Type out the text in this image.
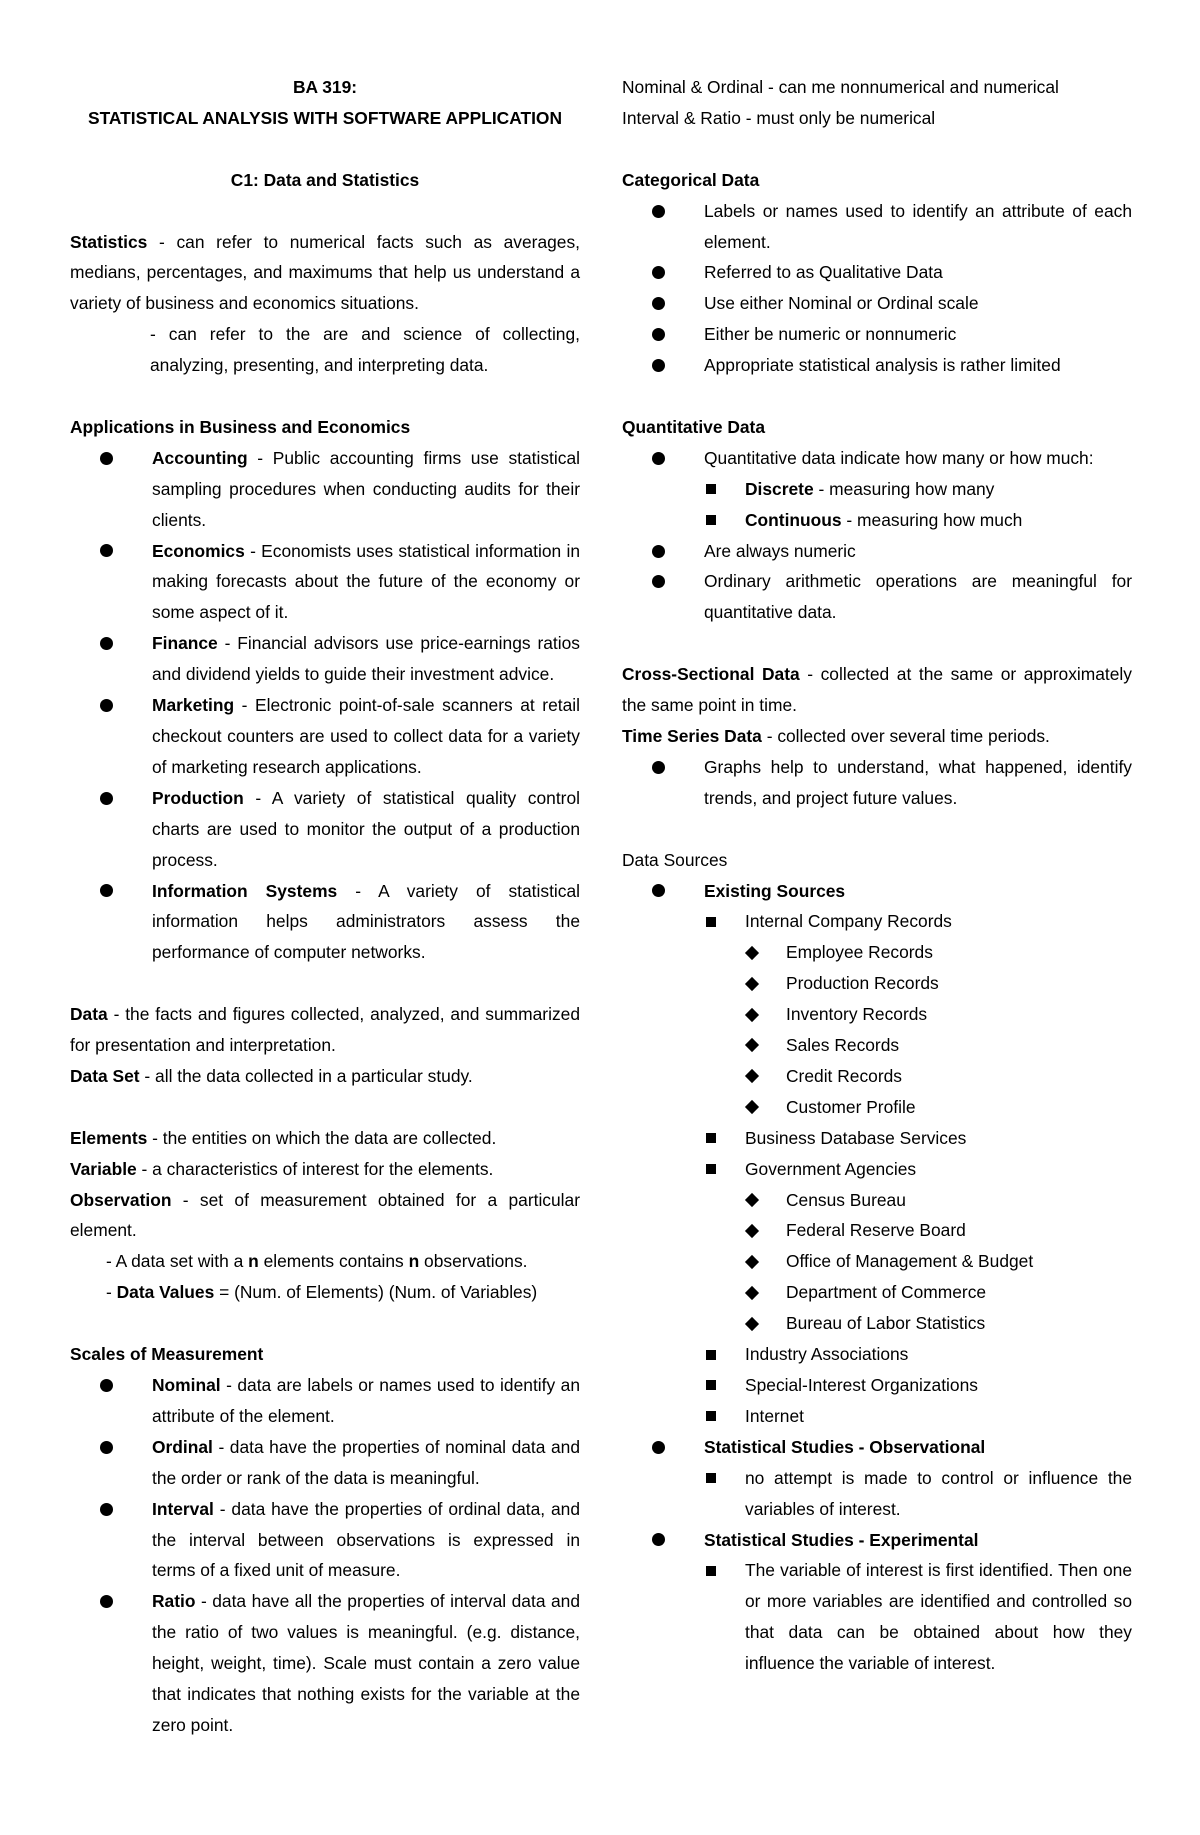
BA 319:

STATISTICAL ANALYSIS WITH SOFTWARE APPLICATION

C1: Data and Statistics

Statistics - can refer to numerical facts such as averages, medians, percentages, and maximums that help us understand a variety of business and economics situations.

- can refer to the are and science of collecting, analyzing, presenting, and interpreting data.

Applications in Business and Economics

Accounting - Public accounting firms use statistical sampling procedures when conducting audits for their clients.
Economics - Economists uses statistical information in making forecasts about the future of the economy or some aspect of it.
Finance - Financial advisors use price-earnings ratios and dividend yields to guide their investment advice.
Marketing - Electronic point-of-sale scanners at retail checkout counters are used to collect data for a variety of marketing research applications.
Production - A variety of statistical quality control charts are used to monitor the output of a production process.
Information Systems - A variety of statistical information helps administrators assess the performance of computer networks.

Data - the facts and figures collected, analyzed, and summarized for presentation and interpretation.

Data Set - all the data collected in a particular study.

Elements - the entities on which the data are collected.

Variable - a characteristics of interest for the elements.

Observation - set of measurement obtained for a particular element.

- A data set with a n elements contains n observations.

- Data Values = (Num. of Elements) (Num. of Variables)

Scales of Measurement

Nominal - data are labels or names used to identify an attribute of the element.
Ordinal - data have the properties of nominal data and the order or rank of the data is meaningful.
Interval - data have the properties of ordinal data, and the interval between observations is expressed in terms of a fixed unit of measure.
Ratio - data have all the properties of interval data and the ratio of two values is meaningful. (e.g. distance, height, weight, time). Scale must contain a zero value that indicates that nothing exists for the variable at the zero point.

Nominal & Ordinal - can me nonnumerical and numerical

Interval & Ratio - must only be numerical

Categorical Data

Labels or names used to identify an attribute of each element.
Referred to as Qualitative Data
Use either Nominal or Ordinal scale
Either be numeric or nonnumeric
Appropriate statistical analysis is rather limited

Quantitative Data

Quantitative data indicate how many or how much:
Discrete - measuring how many
Continuous - measuring how much
Are always numeric
Ordinary arithmetic operations are meaningful for quantitative data.

Cross-Sectional Data - collected at the same or approximately the same point in time.

Time Series Data - collected over several time periods.

Graphs help to understand, what happened, identify trends, and project future values.

Data Sources

Existing Sources
Internal Company Records
Employee Records
Production Records
Inventory Records
Sales Records
Credit Records
Customer Profile
Business Database Services
Government Agencies
Census Bureau
Federal Reserve Board
Office of Management & Budget
Department of Commerce
Bureau of Labor Statistics
Industry Associations
Special-Interest Organizations
Internet
Statistical Studies - Observational
no attempt is made to control or influence the variables of interest.
Statistical Studies - Experimental
The variable of interest is first identified. Then one or more variables are identified and controlled so that data can be obtained about how they influence the variable of interest.
